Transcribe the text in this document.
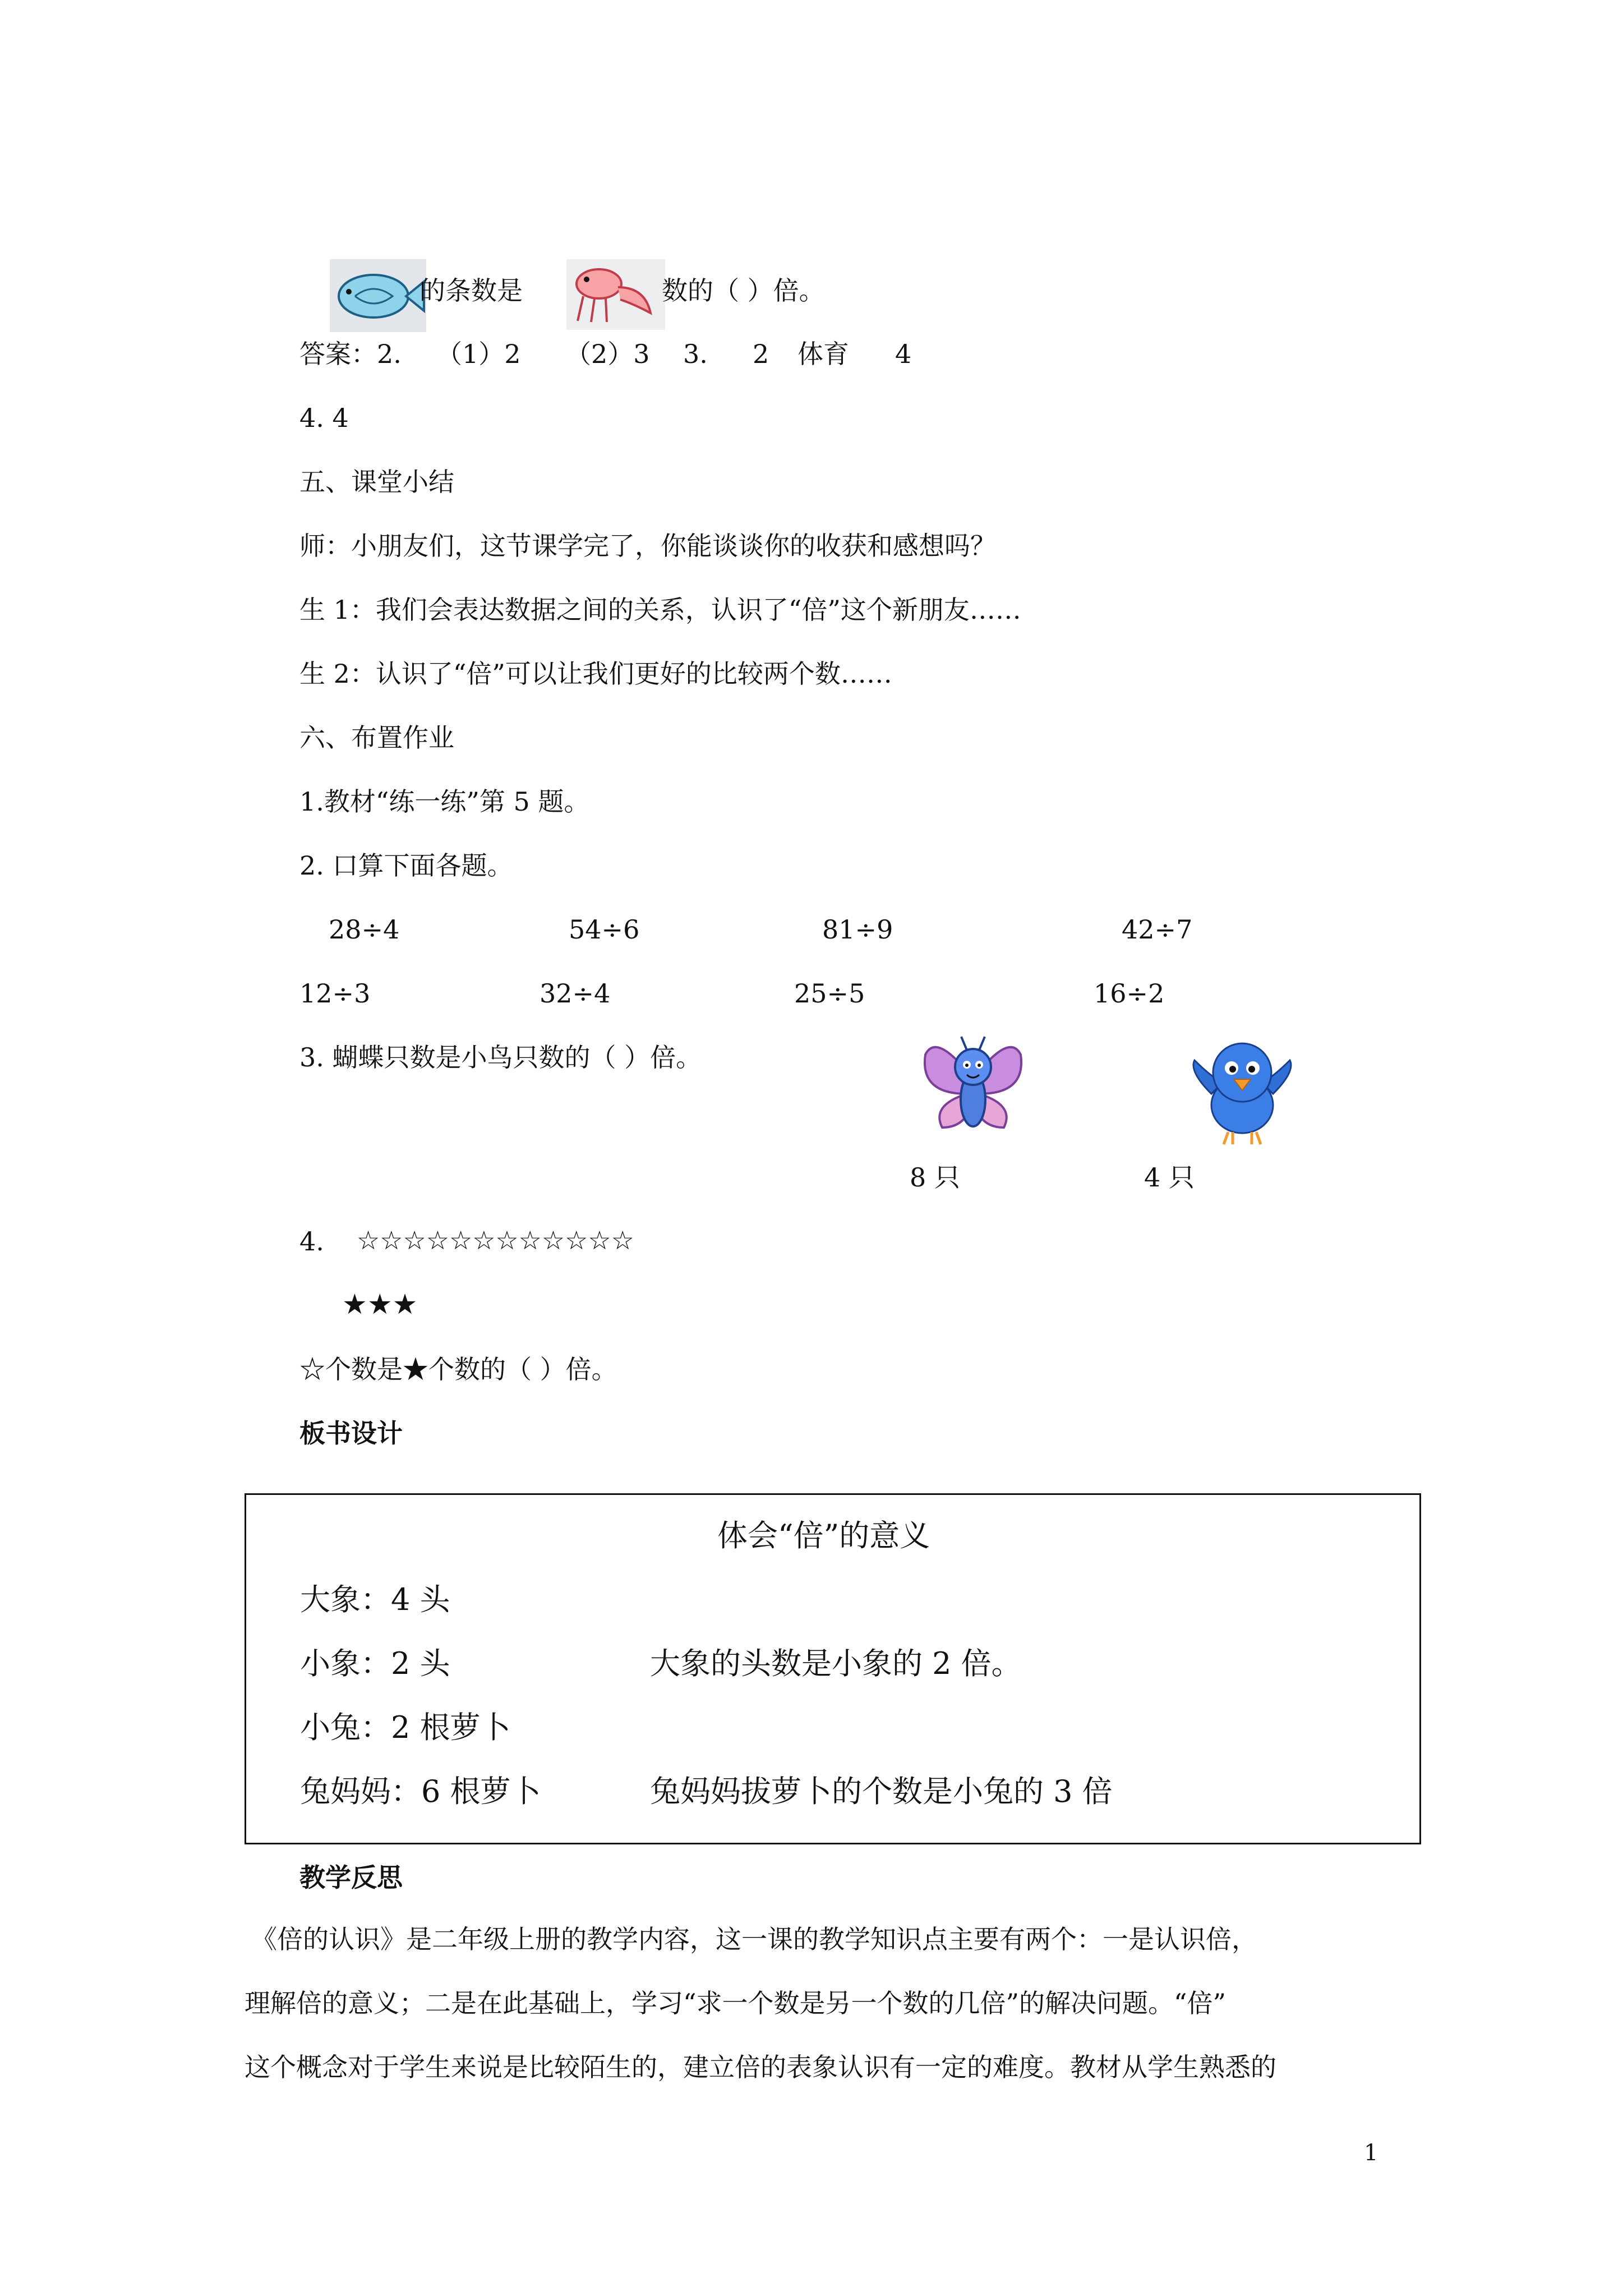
的条数是	数的（ ）倍。
答案：2. （1）2 （2）3 3. 2 体育 4
4. 4
五、课堂小结
师：小朋友们，这节课学完了，你能谈谈你的收获和感想吗？
生 1：我们会表达数据之间的关系，认识了“倍”这个新朋友……
生 2：认识了“倍”可以让我们更好的比较两个数……
六、布置作业
1.教材“练一练”第 5 题。
2. 口算下面各题。
28÷4	54÷6	81÷9	42÷7
12÷3	32÷4	25÷5	16÷2
3. 蝴蝶只数是小鸟只数的（ ）倍。
8 只	4 只
4. ☆☆☆☆☆☆☆☆☆☆☆☆
★★★
☆个数是★个数的（ ）倍。
板书设计
体会“倍”的意义
大象：4 头
小象：2 头	大象的头数是小象的 2 倍。
小兔：2 根萝卜
兔妈妈：6 根萝卜	兔妈妈拔萝卜的个数是小兔的 3 倍
教学反思
《倍的认识》是二年级上册的教学内容，这一课的教学知识点主要有两个：一是认识倍，
理解倍的意义；二是在此基础上，学习“求一个数是另一个数的几倍”的解决问题。“倍”
这个概念对于学生来说是比较陌生的，建立倍的表象认识有一定的难度。教材从学生熟悉的
1
